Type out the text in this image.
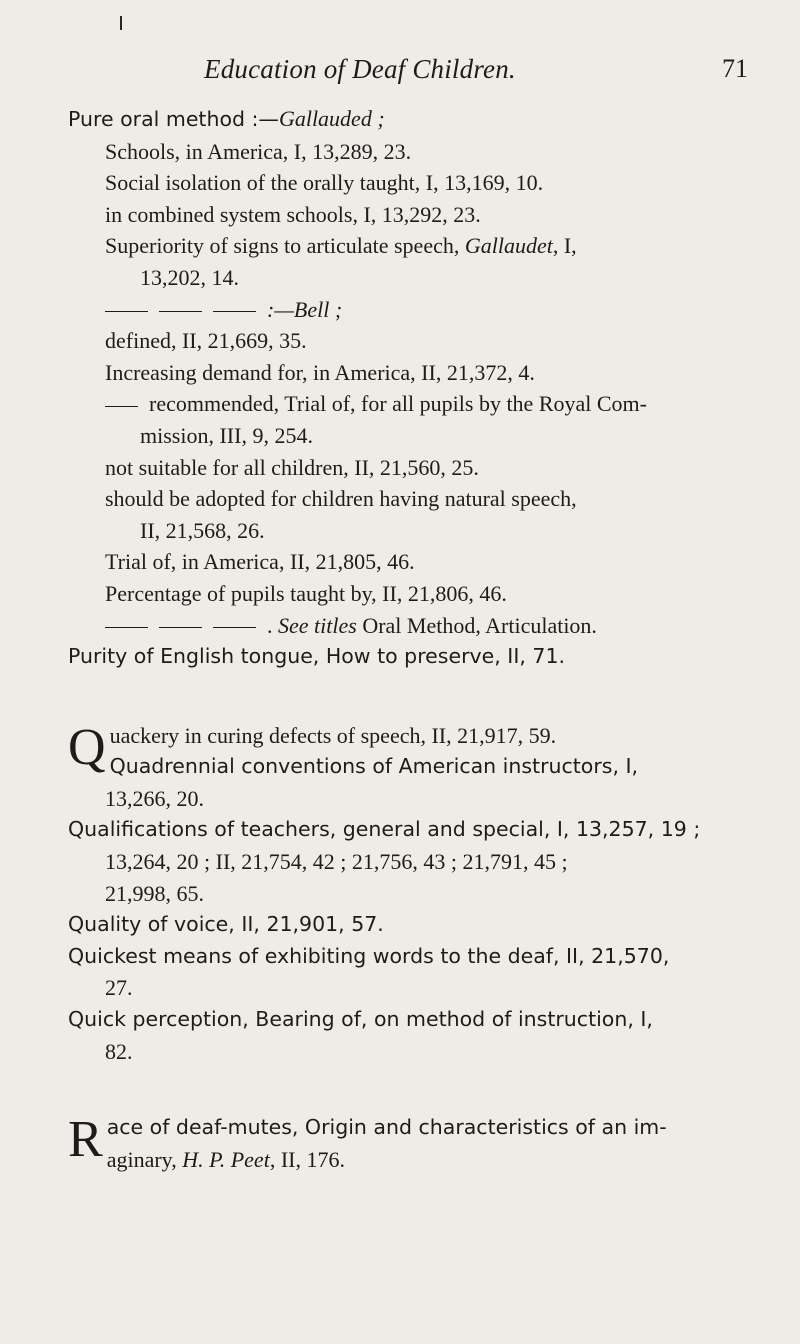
Education of Deaf Children.	71
Pure oral method :—Gallauded ;
Schools, in America, I, 13,289, 23.
Social isolation of the orally taught, I, 13,169, 10.
in combined system schools, I, 13,292, 23.
Superiority of signs to articulate speech, Gallaudet, I,
13,202, 14.
:—Bell ;
defined, II, 21,669, 35.
Increasing demand for, in America, II, 21,372, 4.
recommended, Trial of, for all pupils by the Royal Com-
mission, III, 9, 254.
not suitable for all children, II, 21,560, 25.
should be adopted for children having natural speech,
II, 21,568, 26.
Trial of, in America, II, 21,805, 46.
Percentage of pupils taught by, II, 21,806, 46.
. See titles Oral Method, Articulation.
Purity of English tongue, How to preserve, II, 71.
Q uackery in curing defects of speech, II, 21,917, 59.
Quadrennial conventions of American instructors, I,
13,266, 20.
Qualifications of teachers, general and special, I, 13,257, 19 ;
13,264, 20 ; II, 21,754, 42 ; 21,756, 43 ; 21,791, 45 ;
21,998, 65.
Quality of voice, II, 21,901, 57.
Quickest means of exhibiting words to the deaf, II, 21,570,
27.
Quick perception, Bearing of, on method of instruction, I,
82.
R ace of deaf-mutes, Origin and characteristics of an im-
aginary, H. P. Peet, II, 176.
